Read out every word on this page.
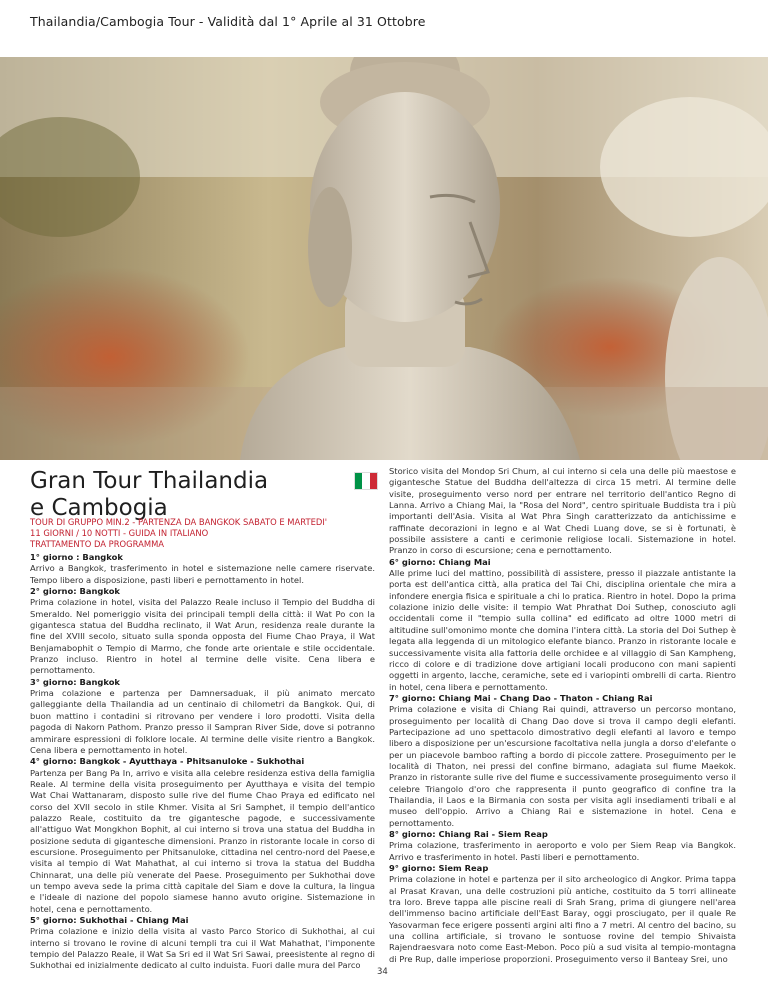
Thailandia/Cambogia Tour - Validità dal 1° Aprile al 31 Ottobre
Gran Tour Thailandia
e Cambogia
TOUR DI GRUPPO MIN.2 - PARTENZA DA BANGKOK SABATO E MARTEDI'
11 GIORNI / 10 NOTTI - GUIDA IN ITALIANO
TRATTAMENTO DA PROGRAMMA

1° giorno : Bangkok

Arrivo a Bangkok, trasferimento in hotel e sistemazione nelle camere riservate. Tempo libero a disposizione, pasti liberi e pernottamento in hotel.

2° giorno: Bangkok

Prima colazione in hotel, visita del Palazzo Reale incluso il Tempio del Buddha di Smeraldo. Nel pomeriggio visita dei principali templi della città: il Wat Po con la gigantesca statua del Buddha reclinato, il Wat Arun, residenza reale durante la fine del XVIII secolo, situato sulla sponda opposta del Fiume Chao Praya, il Wat Benjamabophit o Tempio di Marmo, che fonde arte orientale e stile occidentale. Pranzo incluso. Rientro in hotel al termine delle visite. Cena libera e pernottamento.

3° giorno: Bangkok

Prima colazione e partenza per Damnersaduak, il più animato mercato galleggiante della Thailandia ad un centinaio di chilometri da Bangkok. Qui, di buon mattino i contadini si ritrovano per vendere i loro prodotti. Visita della pagoda di Nakorn Pathom. Pranzo presso il Sampran River Side, dove si potranno ammirare espressioni di folklore locale. Al termine delle visite rientro a Bangkok. Cena libera e pernottamento in hotel.

4° giorno: Bangkok - Ayutthaya - Phitsanuloke - Sukhothai

Partenza per Bang Pa In, arrivo e visita alla celebre residenza estiva della famiglia Reale. Al termine della visita proseguimento per Ayutthaya e visita del tempio Wat Chai Wattanaram, disposto sulle rive del fiume Chao Praya ed edificato nel corso del XVII secolo in stile Khmer. Visita al Sri Samphet, il tempio dell'antico palazzo Reale, costituito da tre gigantesche pagode, e successivamente all'attiguo Wat Mongkhon Bophit, al cui interno si trova una statua del Buddha in posizione seduta di gigantesche dimensioni. Pranzo in ristorante locale in corso di escursione. Proseguimento per Phitsanuloke, cittadina nel centro-nord del Paese,e visita al tempio di Wat Mahathat, al cui interno si trova la statua del Buddha Chinnarat, una delle più venerate del Paese. Proseguimento per Sukhothai dove un tempo aveva sede la prima città capitale del Siam e dove la cultura, la lingua e l'ideale di nazione del popolo siamese hanno avuto origine. Sistemazione in hotel, cena e pernottamento.

5° giorno: Sukhothai - Chiang Mai

Prima colazione e inizio della visita al vasto Parco Storico di Sukhothai, al cui interno si trovano le rovine di alcuni templi tra cui il Wat Mahathat, l'imponente tempio del Palazzo Reale, il Wat Sa Sri ed il Wat Sri Sawai, preesistente al regno di Sukhothai ed inizialmente dedicato al culto induista. Fuori dalle mura del Parco

Storico visita del Mondop Sri Chum, al cui interno si cela una delle più maestose e gigantesche Statue del Buddha dell'altezza di circa 15 metri. Al termine delle visite, proseguimento verso nord per entrare nel territorio dell'antico Regno di Lanna. Arrivo a Chiang Mai, la "Rosa del Nord", centro spirituale Buddista tra i più importanti dell'Asia. Visita al Wat Phra Singh caratterizzato da antichissime e raffinate decorazioni in legno e al Wat Chedi Luang dove, se si è fortunati, è possibile assistere a canti e cerimonie religiose locali. Sistemazione in hotel. Pranzo in corso di escursione; cena e pernottamento.

6° giorno: Chiang Mai

Alle prime luci del mattino, possibilità di assistere, presso il piazzale antistante la porta est dell'antica città, alla pratica del Tai Chi, disciplina orientale che mira a infondere energia fisica e spirituale a chi lo pratica. Rientro in hotel. Dopo la prima colazione inizio delle visite: il tempio Wat Phrathat Doi Suthep, conosciuto agli occidentali come il "tempio sulla collina" ed edificato ad oltre 1000 metri di altitudine sull'omonimo monte che domina l'intera città. La storia del Doi Suthep è legata alla leggenda di un mitologico elefante bianco. Pranzo in ristorante locale e successivamente visita alla fattoria delle orchidee e al villaggio di San Kampheng, ricco di colore e di tradizione dove artigiani locali producono con mani sapienti oggetti in argento, lacche, ceramiche, sete ed i variopinti ombrelli di carta. Rientro in hotel, cena libera e pernottamento.

7° giorno: Chiang Mai - Chang Dao - Thaton - Chiang Rai

Prima colazione e visita di Chiang Rai quindi, attraverso un percorso montano, proseguimento per località di Chang Dao dove si trova il campo degli elefanti. Partecipazione ad uno spettacolo dimostrativo degli elefanti al lavoro e tempo libero a disposizione per un'escursione facoltativa nella jungla a dorso d'elefante o per un piacevole bamboo rafting a bordo di piccole zattere. Proseguimento per le località di Thaton, nei pressi del confine birmano, adagiata sul fiume Maekok. Pranzo in ristorante sulle rive del fiume e successivamente proseguimento verso il celebre Triangolo d'oro che rappresenta il punto geografico di confine tra la Thailandia, il Laos e la Birmania con sosta per visita agli insediamenti tribali e al museo dell'oppio. Arrivo a Chiang Rai e sistemazione in hotel. Cena e pernottamento.

8° giorno: Chiang Rai - Siem Reap

Prima colazione, trasferimento in aeroporto e volo per Siem Reap via Bangkok. Arrivo e trasferimento in hotel. Pasti liberi e pernottamento.

9° giorno: Siem Reap

Prima colazione in hotel e partenza per il sito archeologico di Angkor. Prima tappa al Prasat Kravan, una delle costruzioni più antiche, costituito da 5 torri allineate tra loro. Breve tappa alle piscine reali di Srah Srang, prima di giungere nell'area dell'immenso bacino artificiale dell'East Baray, oggi prosciugato, per il quale Re Yasovarman fece erigere possenti argini alti fino a 7 metri. Al centro del bacino, su una collina artificiale, si trovano le sontuose rovine del tempio Shivaista Rajendraesvara noto come East-Mebon. Poco più a sud visita al tempio-montagna di Pre Rup, dalle imperiose proporzioni. Proseguimento verso il Banteay Srei, uno

34
